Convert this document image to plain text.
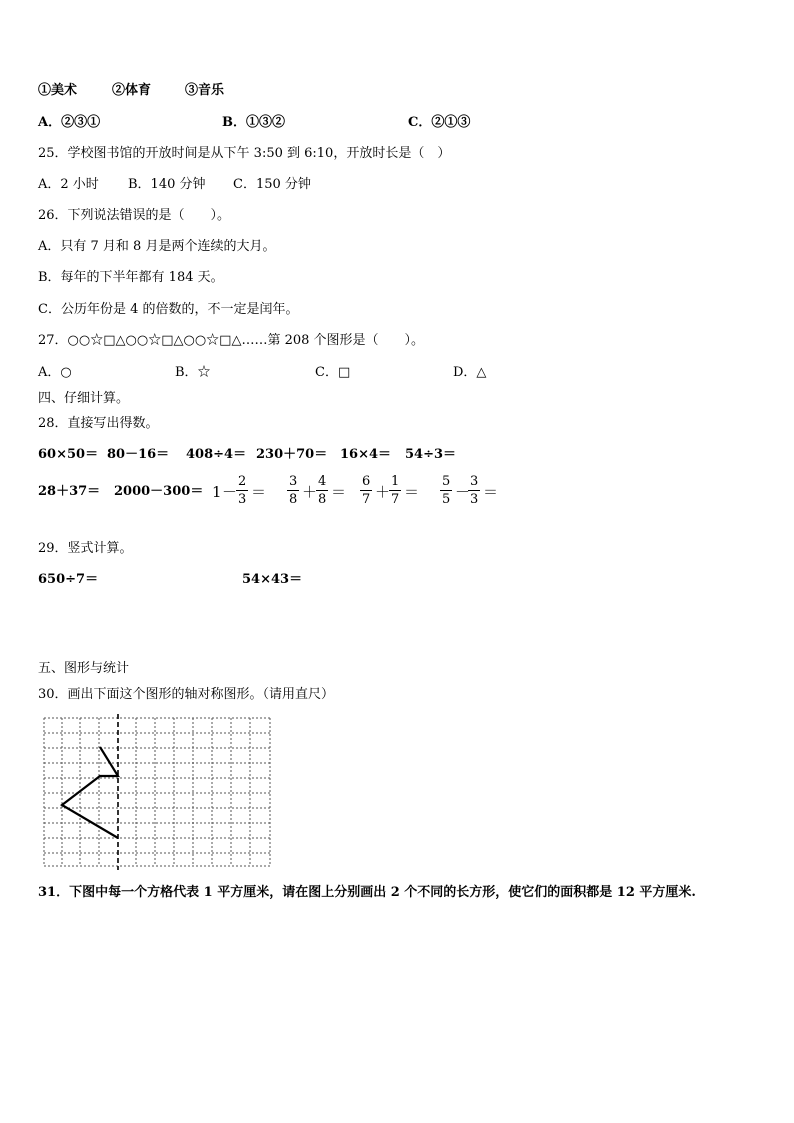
①美术	②体育	③音乐
A．②③①	B．①③②	C．②①③
25．学校图书馆的开放时间是从下午 3:50 到 6:10，开放时长是（　）
A．2 小时 B．140 分钟 C．150 分钟
26．下列说法错误的是（　　）。
A．只有 7 月和 8 月是两个连续的大月。
B．每年的下半年都有 184 天。
C．公历年份是 4 的倍数的，不一定是闰年。
27．○○☆□△○○☆□△○○☆□△……第 208 个图形是（　　）。
A．○	B．☆	C．□	D．△
四、仔细计算。
28．直接写出得数。
60×50＝ 80－16＝ 408÷4＝ 230＋70＝ 16×4＝ 54÷3＝
28＋37＝ 2000－300＝ 1 －
2
3 ＝
3
8 ＋
4
8 ＝
6
7 ＋
1
7 ＝
5
5 －
3
3 ＝
29．竖式计算。
650÷7＝	54×43＝
五、图形与统计
30．画出下面这个图形的轴对称图形。（请用直尺）
31．下图中每一个方格代表 1 平方厘米，请在图上分别画出 2 个不同的长方形，使它们的面积都是 12 平方厘米.
